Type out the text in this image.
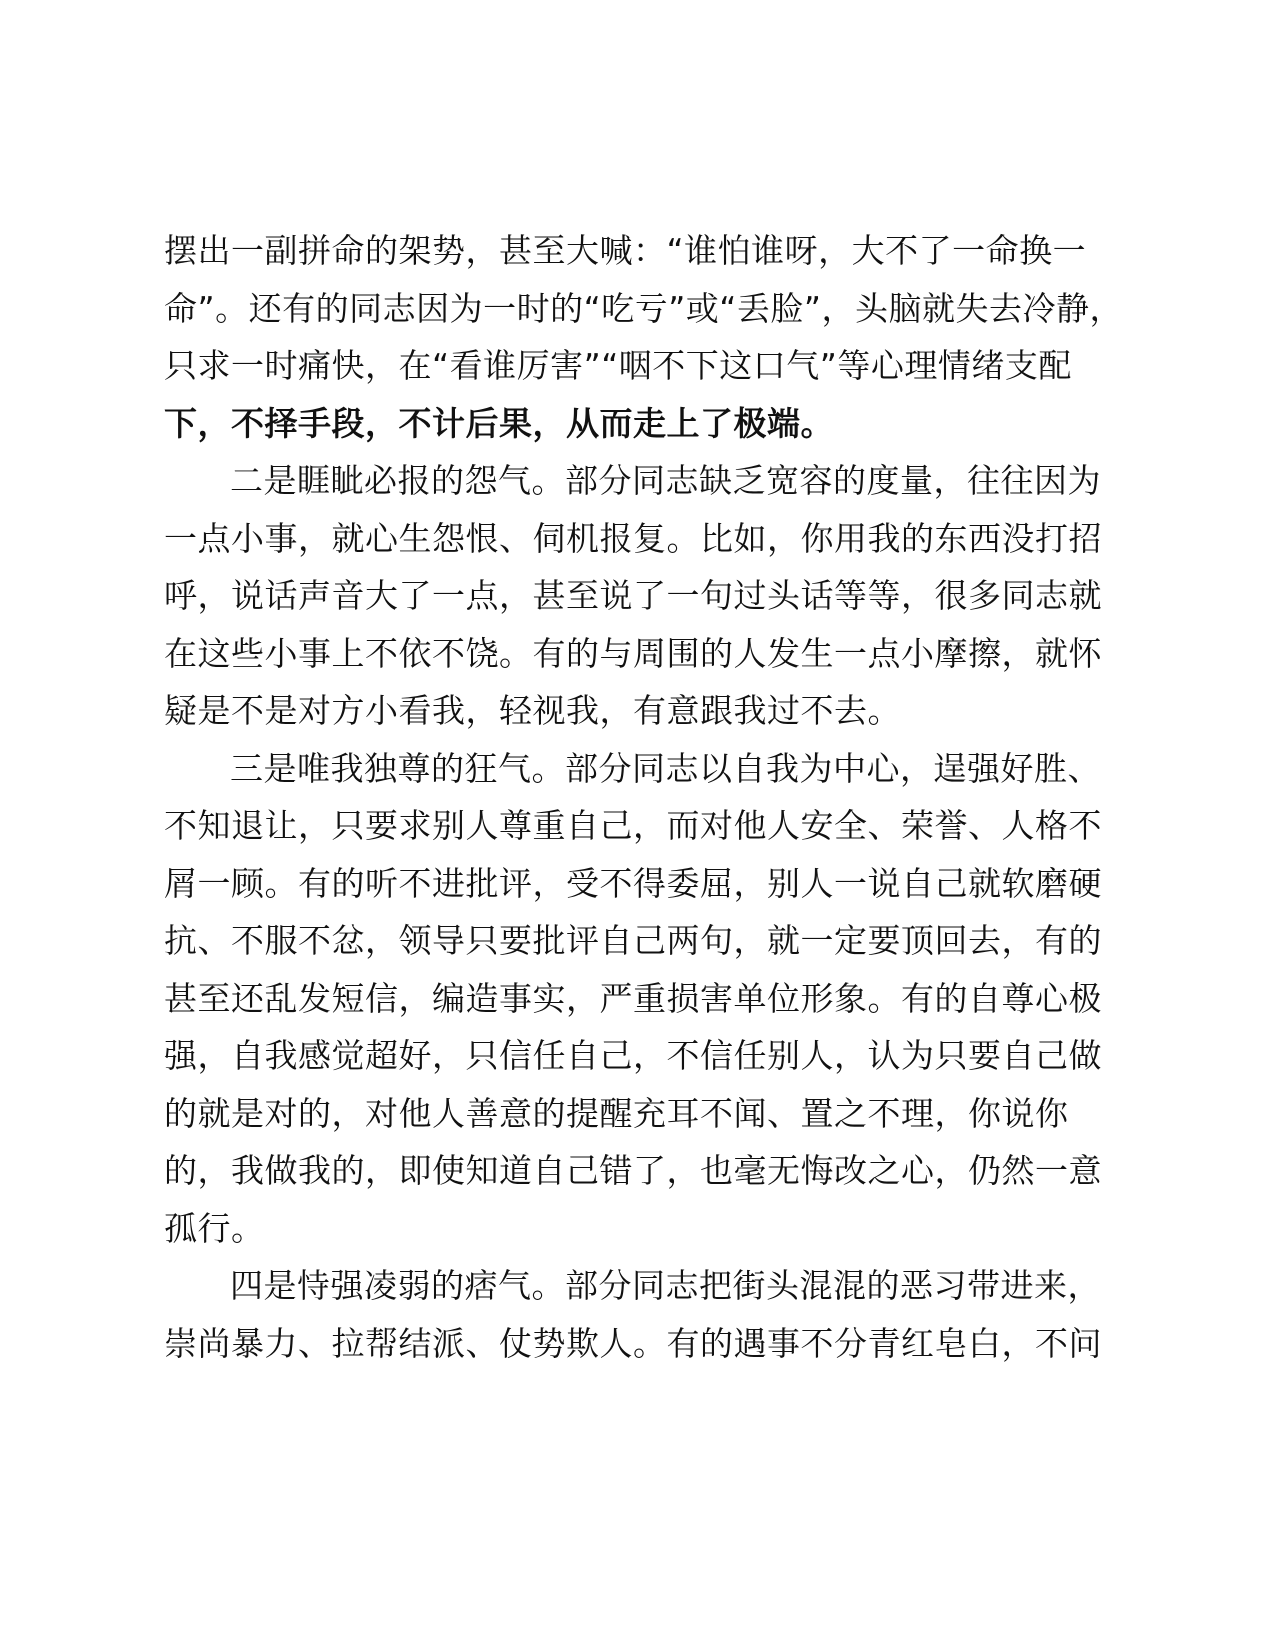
摆出一副拼命的架势，甚至大喊：“谁怕谁呀，大不了一命换一
命”。还有的同志因为一时的“吃亏”或“丢脸”，头脑就失去冷静，
只求一时痛快，在“看谁厉害”“咽不下这口气”等心理情绪支配
下，不择手段，不计后果，从而走上了极端。

二是睚眦必报的怨气。部分同志缺乏宽容的度量，往往因为
一点小事，就心生怨恨、伺机报复。比如，你用我的东西没打招
呼，说话声音大了一点，甚至说了一句过头话等等，很多同志就
在这些小事上不依不饶。有的与周围的人发生一点小摩擦，就怀
疑是不是对方小看我，轻视我，有意跟我过不去。

三是唯我独尊的狂气。部分同志以自我为中心，逞强好胜、
不知退让，只要求别人尊重自己，而对他人安全、荣誉、人格不
屑一顾。有的听不进批评，受不得委屈，别人一说自己就软磨硬
抗、不服不忿，领导只要批评自己两句，就一定要顶回去，有的
甚至还乱发短信，编造事实，严重损害单位形象。有的自尊心极
强，自我感觉超好，只信任自己，不信任别人，认为只要自己做
的就是对的，对他人善意的提醒充耳不闻、置之不理，你说你
的，我做我的，即使知道自己错了，也毫无悔改之心，仍然一意
孤行。

四是恃强凌弱的痞气。部分同志把街头混混的恶习带进来，
崇尚暴力、拉帮结派、仗势欺人。有的遇事不分青红皂白，不问
